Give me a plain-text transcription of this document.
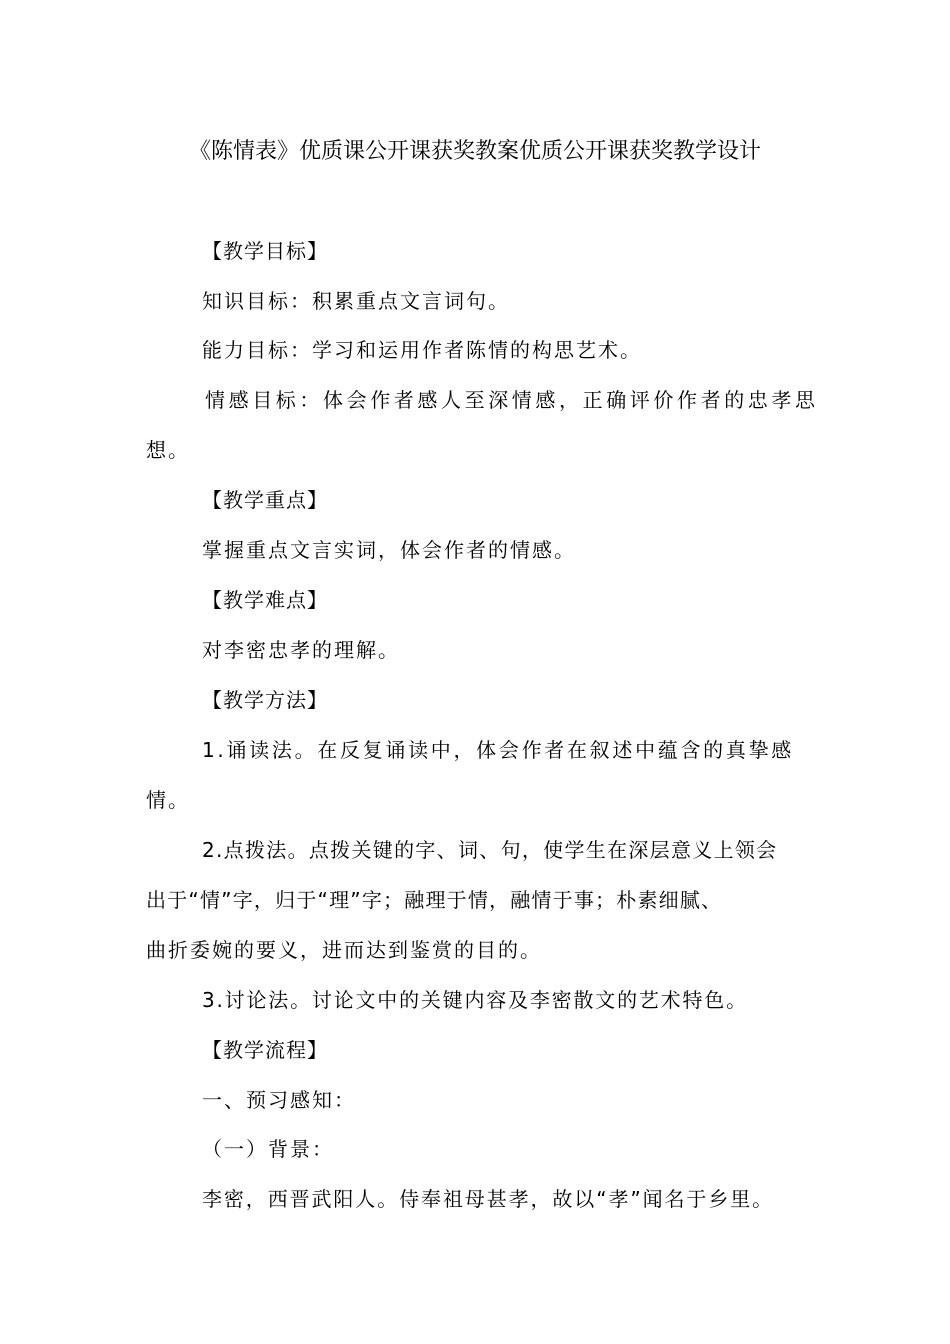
《陈情表》优质课公开课获奖教案优质公开课获奖教学设计
【教学目标】
知识目标：积累重点文言词句。
能力目标：学习和运用作者陈情的构思艺术。
情感目标：体会作者感人至深情感，正确评价作者的忠孝思
想。
【教学重点】
掌握重点文言实词，体会作者的情感。
【教学难点】
对李密忠孝的理解。
【教学方法】
1.诵读法。在反复诵读中，体会作者在叙述中蕴含的真挚感
情。
2.点拨法。点拨关键的字、词、句，使学生在深层意义上领会
出于“情”字，归于“理”字；融理于情，融情于事；朴素细腻、
曲折委婉的要义，进而达到鉴赏的目的。
3.讨论法。讨论文中的关键内容及李密散文的艺术特色。
【教学流程】
一、预习感知：
（一）背景：
李密，西晋武阳人。侍奉祖母甚孝，故以“孝”闻名于乡里。
